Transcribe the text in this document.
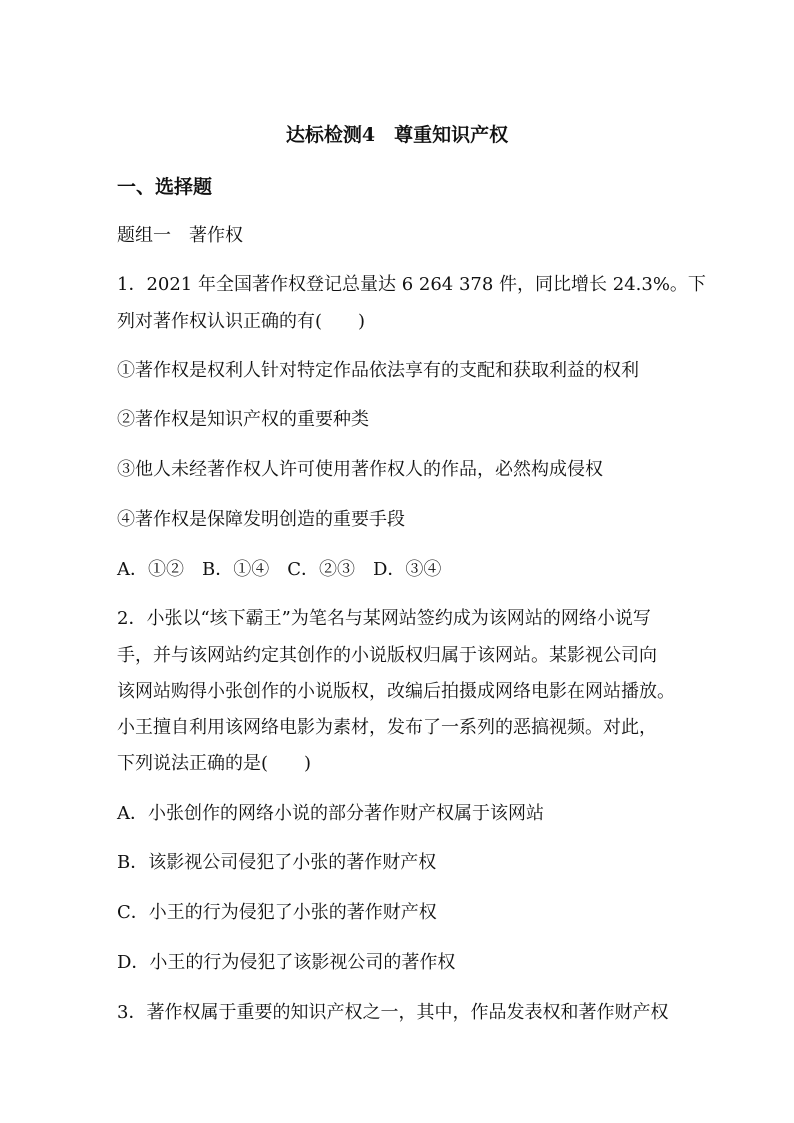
达标检测4　尊重知识产权
一、选择题
题组一　著作权
1．2021 年全国著作权登记总量达 6 264 378 件，同比增长 24.3%。下
列对著作权认识正确的有(　　)
①著作权是权利人针对特定作品依法享有的支配和获取利益的权利
②著作权是知识产权的重要种类
③他人未经著作权人许可使用著作权人的作品，必然构成侵权
④著作权是保障发明创造的重要手段
A．①②　B．①④　C．②③　D．③④
2．小张以“垓下霸王”为笔名与某网站签约成为该网站的网络小说写
手，并与该网站约定其创作的小说版权归属于该网站。某影视公司向
该网站购得小张创作的小说版权，改编后拍摄成网络电影在网站播放。
小王擅自利用该网络电影为素材，发布了一系列的恶搞视频。对此，
下列说法正确的是(　　)
A．小张创作的网络小说的部分著作财产权属于该网站
B．该影视公司侵犯了小张的著作财产权
C．小王的行为侵犯了小张的著作财产权
D．小王的行为侵犯了该影视公司的著作权
3．著作权属于重要的知识产权之一，其中，作品发表权和著作财产权
